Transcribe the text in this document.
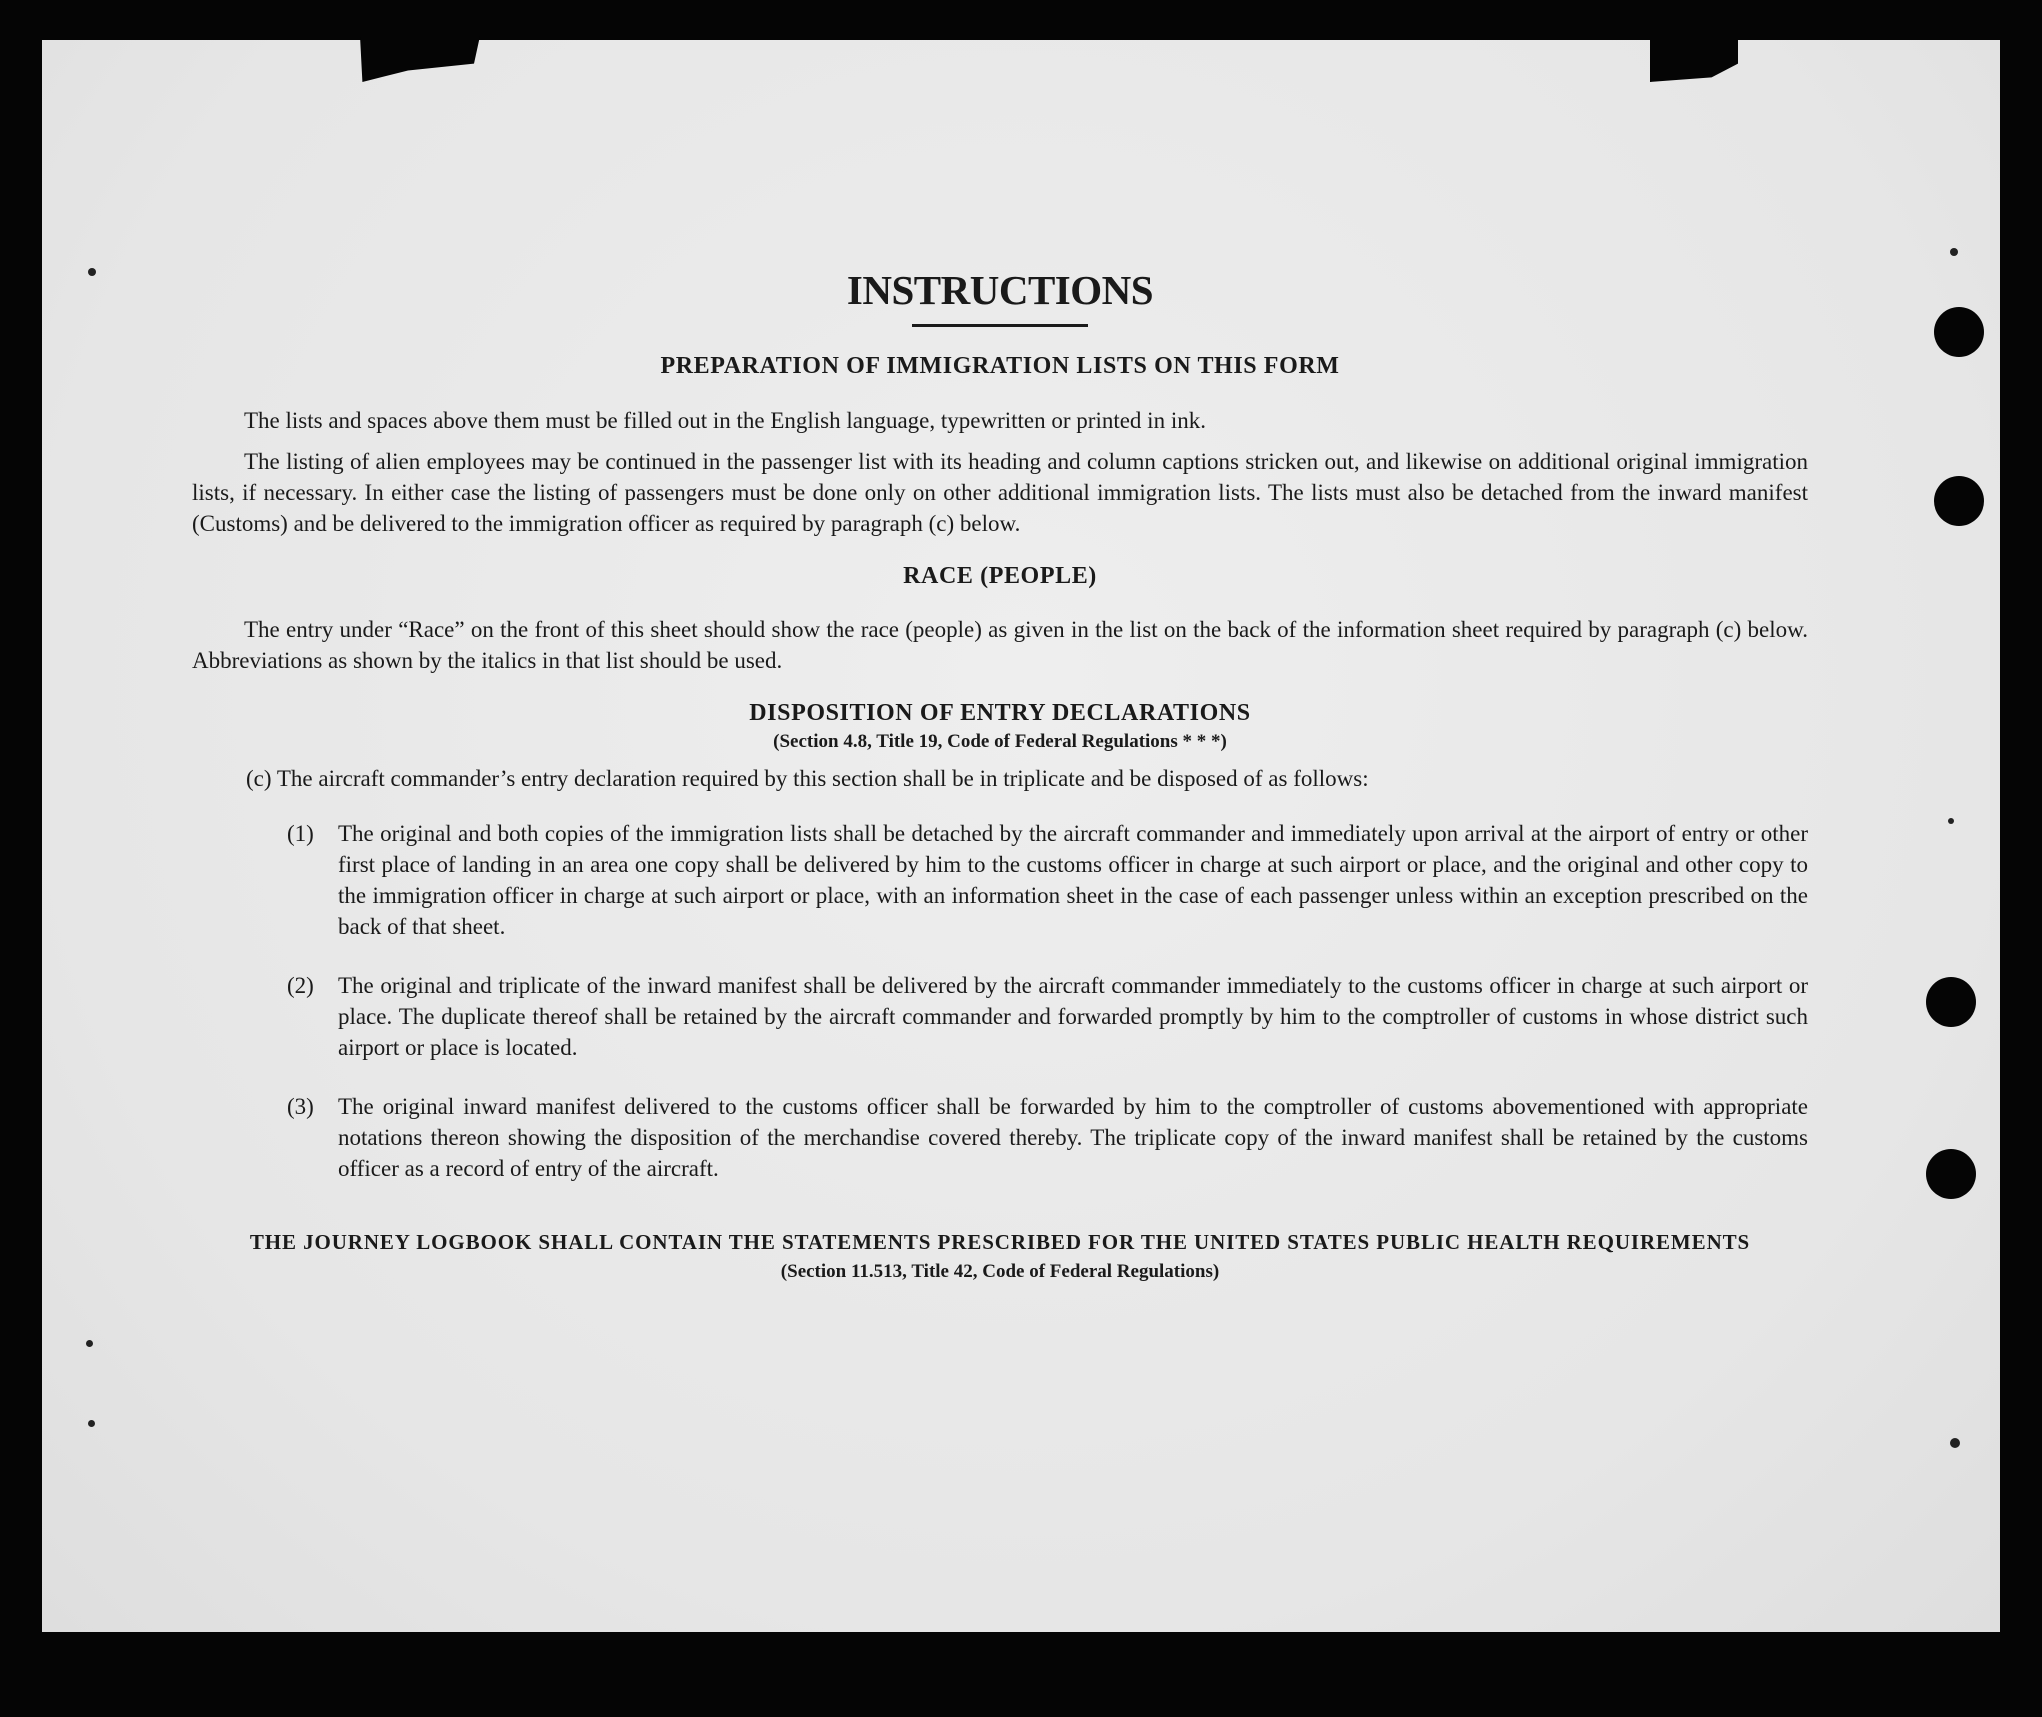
INSTRUCTIONS
PREPARATION OF IMMIGRATION LISTS ON THIS FORM

The lists and spaces above them must be filled out in the English language, typewritten or printed in ink.

The listing of alien employees may be continued in the passenger list with its heading and column captions stricken out, and likewise on additional original immigration lists, if necessary. In either case the listing of passengers must be done only on other additional immigration lists. The lists must also be detached from the inward manifest (Customs) and be delivered to the immigration officer as required by paragraph (c) below.

RACE (PEOPLE)

The entry under “Race” on the front of this sheet should show the race (people) as given in the list on the back of the information sheet required by paragraph (c) below. Abbreviations as shown by the italics in that list should be used.

DISPOSITION OF ENTRY DECLARATIONS
(Section 4.8, Title 19, Code of Federal Regulations * * *)

(c) The aircraft commander’s entry declaration required by this section shall be in triplicate and be disposed of as follows:

(1) The original and both copies of the immigration lists shall be detached by the aircraft commander and immediately upon arrival at the airport of entry or other first place of landing in an area one copy shall be delivered by him to the customs officer in charge at such airport or place, and the original and other copy to the immigration officer in charge at such airport or place, with an information sheet in the case of each passenger unless within an exception prescribed on the back of that sheet.

(2) The original and triplicate of the inward manifest shall be delivered by the aircraft commander immediately to the customs officer in charge at such airport or place. The duplicate thereof shall be retained by the aircraft commander and forwarded promptly by him to the comptroller of customs in whose district such airport or place is located.

(3) The original inward manifest delivered to the customs officer shall be forwarded by him to the comptroller of customs abovementioned with appropriate notations thereon showing the disposition of the merchandise covered thereby. The triplicate copy of the inward manifest shall be retained by the customs officer as a record of entry of the aircraft.

THE JOURNEY LOGBOOK SHALL CONTAIN THE STATEMENTS PRESCRIBED FOR THE UNITED STATES PUBLIC HEALTH REQUIREMENTS
(Section 11.513, Title 42, Code of Federal Regulations)
